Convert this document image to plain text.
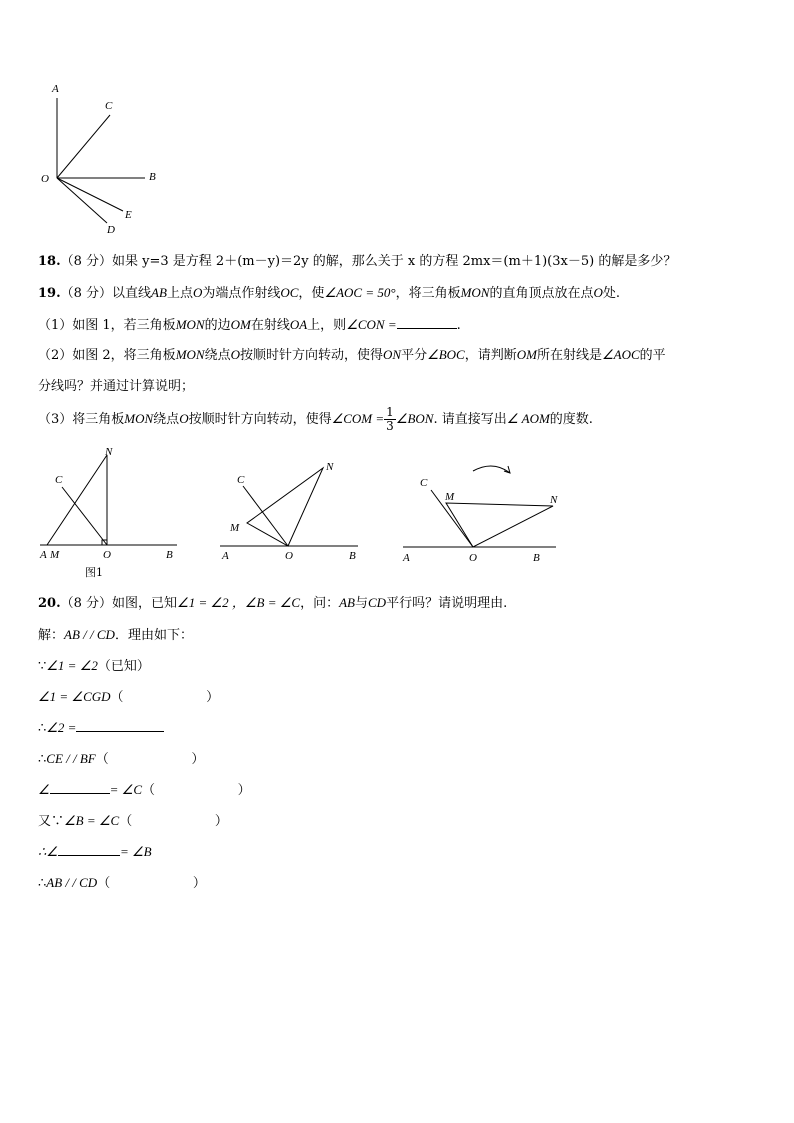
A
C
O	B
E
D
18.（8 分）如果 y=3 是方程 2＋(m－y)＝2y 的解，那么关于 x 的方程 2mx＝(m＋1)(3x－5) 的解是多少？
19.（8 分）以直线AB上点O为端点作射线OC，使∠AOC = 50°，将三角板MON的直角顶点放在点O处.
（1）如图 1，若三角板MON的边OM在射线OA上，则∠CON =	.
（2）如图 2，将三角板MON绕点O按顺时针方向转动，使得ON平分∠BOC，请判断OM所在射线是∠AOC的平
分线吗？并通过计算说明；
（3）将三角板MON绕点O按顺时针方向转动，使得∠COM = $\frac{1}{3}$ ∠BON. 请直接写出∠ AOM的度数.
C
N
A M	O	B
图1
C
N
M
A	O	B
C
M	N
A	O	B
20.（8 分）如图，已知∠1 = ∠2 ，∠B = ∠C，问：AB与CD平行吗？请说明理由.
解：AB / / CD．理由如下：
∵∠1 = ∠2（已知）
∠1 = ∠CGD（                    ）
∴∠2 =
∴CE / / BF（                    ）
∠	= ∠C（                    ）
又∵∠B = ∠C（                    ）
∴∠	= ∠B
∴AB / / CD（                    ）
